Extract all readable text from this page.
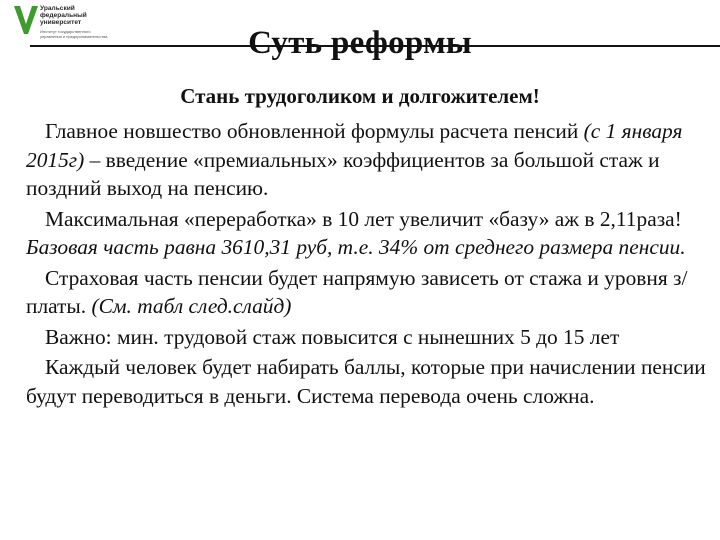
Уральский
федеральный
университет
Институт государственного
управления и предпринимательства	Суть реформы
Стань трудоголиком и долгожителем!

Главное новшество обновленной формулы расчета пенсий (с 1 января 2015г) – введение «премиальных» коэффициентов за большой стаж и поздний выход на пенсию.

Максимальная «переработка» в 10 лет увеличит «базу» аж в 2,11раза! Базовая часть равна 3610,31 руб, т.е. 34% от среднего размера пенсии.

Страховая часть пенсии будет напрямую зависеть от стажа и уровня з/платы. (См. табл след.слайд)

Важно: мин. трудовой стаж повысится с нынешних 5 до 15 лет

Каждый человек будет набирать баллы, которые при начислении пенсии будут переводиться в деньги. Система перевода очень сложна.
